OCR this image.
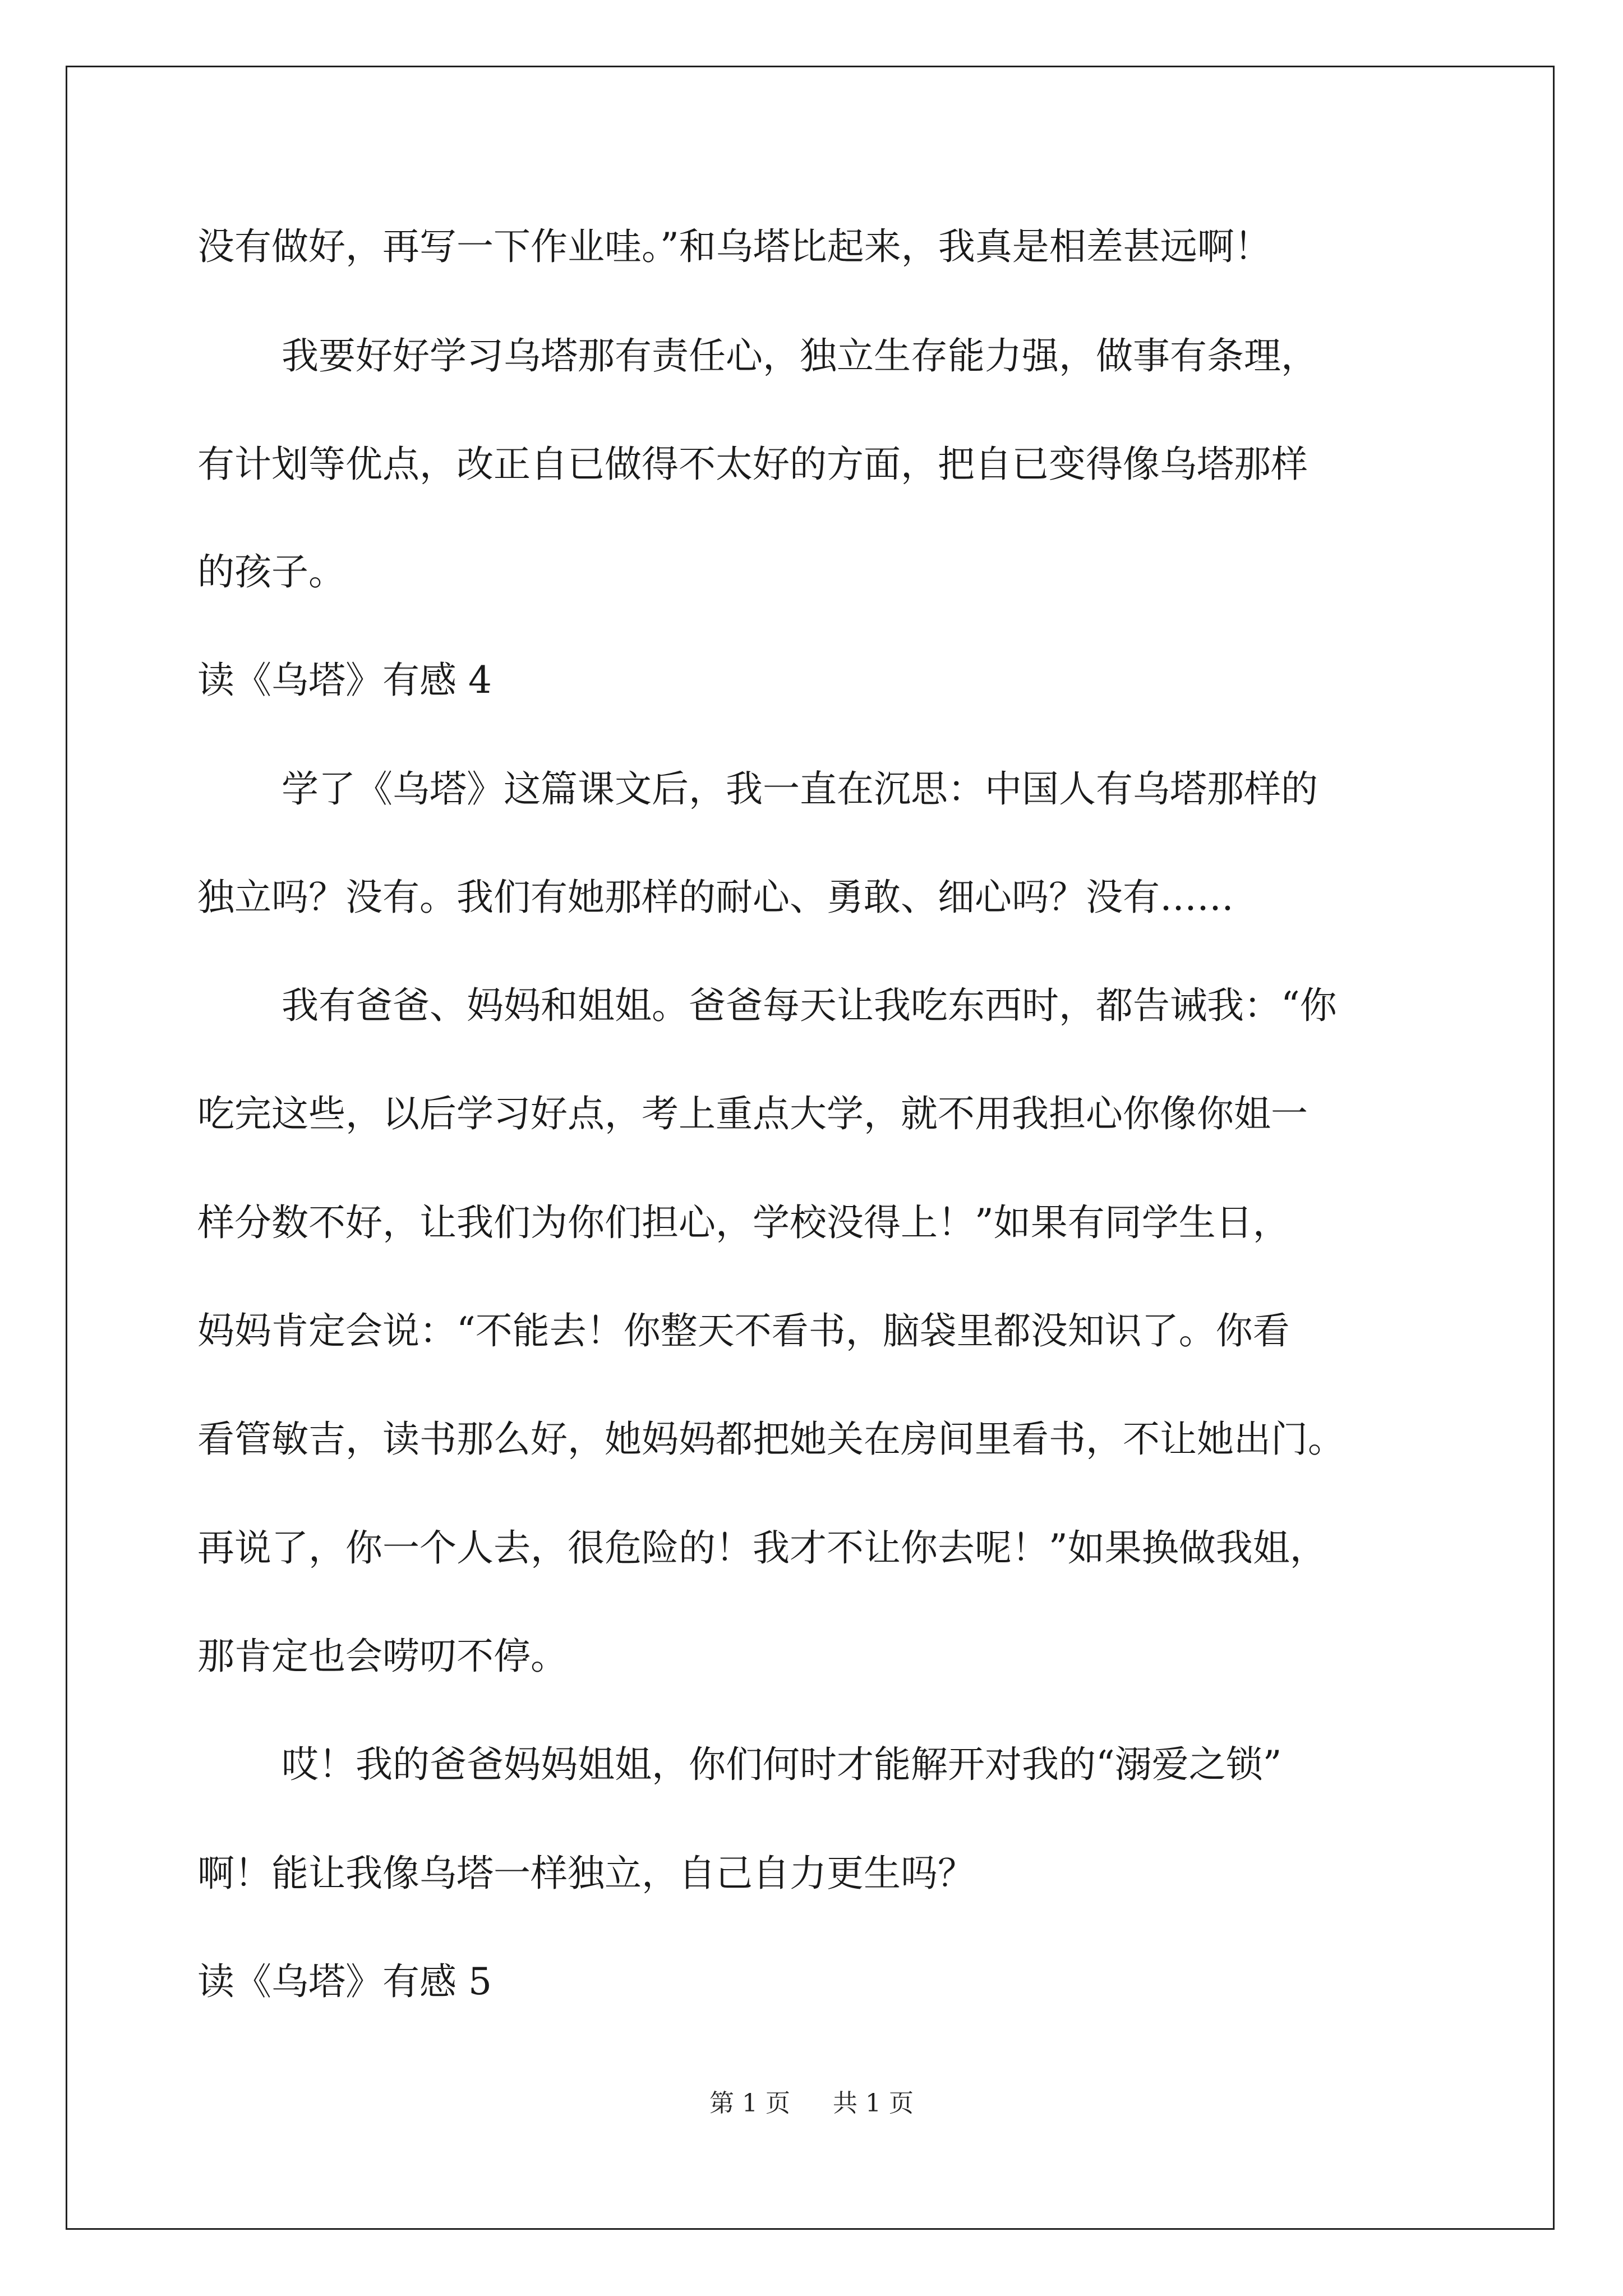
没有做好，再写一下作业哇。”和乌塔比起来，我真是相差甚远啊！
我要好好学习乌塔那有责任心，独立生存能力强，做事有条理，
有计划等优点，改正自已做得不太好的方面，把自已变得像乌塔那样
的孩子。
读《乌塔》有感 4
学了《乌塔》这篇课文后，我一直在沉思：中国人有乌塔那样的
独立吗？没有。我们有她那样的耐心、勇敢、细心吗？没有……
我有爸爸、妈妈和姐姐。爸爸每天让我吃东西时，都告诫我：“你
吃完这些，以后学习好点，考上重点大学，就不用我担心你像你姐一
样分数不好，让我们为你们担心，学校没得上！”如果有同学生日，
妈妈肯定会说：“不能去！你整天不看书，脑袋里都没知识了。你看
看管敏吉，读书那么好，她妈妈都把她关在房间里看书，不让她出门。
再说了，你一个人去，很危险的！我才不让你去呢！”如果换做我姐，
那肯定也会唠叨不停。
哎！我的爸爸妈妈姐姐，你们何时才能解开对我的“溺爱之锁”
啊！能让我像乌塔一样独立，自己自力更生吗？
读《乌塔》有感 5
第 1 页 共 1 页
